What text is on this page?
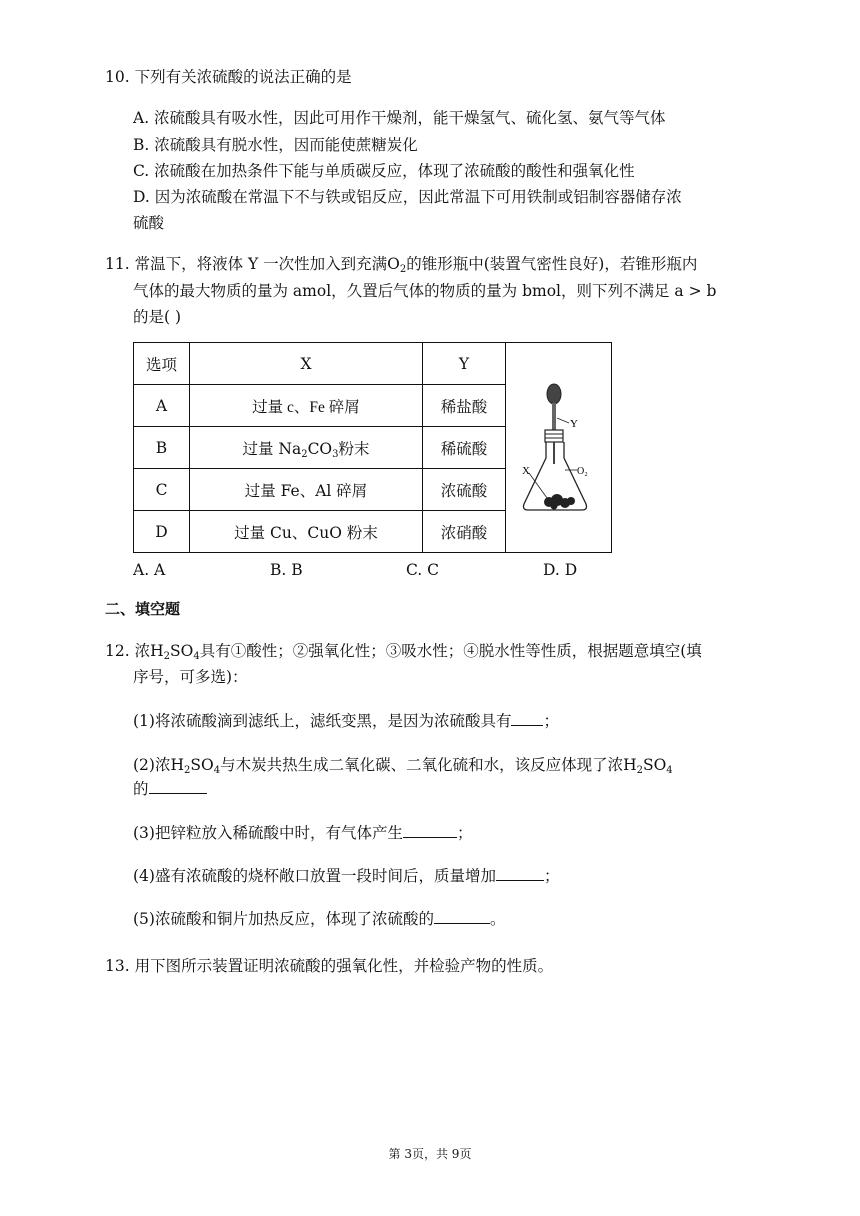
10. 下列有关浓硫酸的说法正确的是
A. 浓硫酸具有吸水性，因此可用作干燥剂，能干燥氢气、硫化氢、氨气等气体
B. 浓硫酸具有脱水性，因而能使蔗糖炭化
C. 浓硫酸在加热条件下能与单质碳反应，体现了浓硫酸的酸性和强氧化性
D. 因为浓硫酸在常温下不与铁或铝反应，因此常温下可用铁制或铝制容器储存浓
硫酸
11. 常温下，将液体 Y 一次性加入到充满$O_2$的锥形瓶中(装置气密性良好)，若锥形瓶内
气体的最大物质的量为 amol，久置后气体的物质的量为 bmol，则下列不满足 a > b
的是( )
选项	X	Y	Y
O₂
X

A	过量 c、Fe 碎屑	稀盐酸	
B	过量 $Na_2CO_3$粉末	稀硫酸	
C	过量 Fe、Al 碎屑	浓硫酸	
D	过量 Cu、CuO 粉末	浓硝酸	
A. A	B. B	C. C	D. D
二、填空题
12. 浓$H_2SO_4$具有①酸性；②强氧化性；③吸水性；④脱水性等性质，根据题意填空(填
序号，可多选)：
(1)将浓硫酸滴到滤纸上，滤纸变黑，是因为浓硫酸具有 ；
(2)浓$H_2SO_4$与木炭共热生成二氧化碳、二氧化硫和水，该反应体现了浓$H_2SO_4$
的
(3)把锌粒放入稀硫酸中时，有气体产生	；
(4)盛有浓硫酸的烧杯敞口放置一段时间后，质量增加	；
(5)浓硫酸和铜片加热反应，体现了浓硫酸的	。
13. 用下图所示装置证明浓硫酸的强氧化性，并检验产物的性质。
第 3页，共 9页
